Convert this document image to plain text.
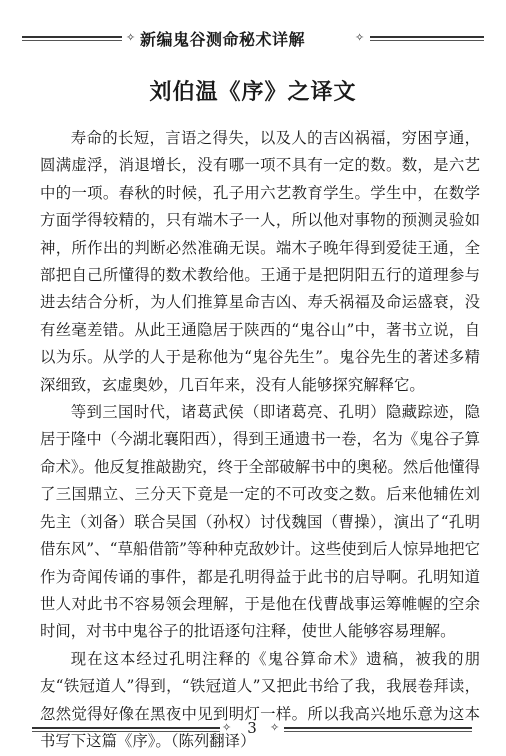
✧ 新编鬼谷测命秘术详解	✧
刘伯温《序》之译文

寿命的长短，言语之得失，以及人的吉凶祸福，穷困亨通，圆满虚浮，消退增长，没有哪一项不具有一定的数。数，是六艺中的一项。春秋的时候，孔子用六艺教育学生。学生中，在数学方面学得较精的，只有端木子一人，所以他对事物的预测灵验如神，所作出的判断必然准确无误。端木子晚年得到爱徒王通，全部把自己所懂得的数术教给他。王通于是把阴阳五行的道理参与进去结合分析，为人们推算星命吉凶、寿夭祸福及命运盛衰，没有丝毫差错。从此王通隐居于陕西的“鬼谷山”中，著书立说，自以为乐。从学的人于是称他为“鬼谷先生”。鬼谷先生的著述多精深细致，玄虚奥妙，几百年来，没有人能够探究解释它。

等到三国时代，诸葛武侯（即诸葛亮、孔明）隐藏踪迹，隐居于隆中（今湖北襄阳西），得到王通遗书一卷，名为《鬼谷子算命术》。他反复推敲勘究，终于全部破解书中的奥秘。然后他懂得了三国鼎立、三分天下竟是一定的不可改变之数。后来他辅佐刘先主（刘备）联合吴国（孙权）讨伐魏国（曹操），演出了“孔明借东风”、“草船借箭”等种种克敌妙计。这些使到后人惊异地把它作为奇闻传诵的事件，都是孔明得益于此书的启导啊。孔明知道世人对此书不容易领会理解，于是他在伐曹战事运筹帷幄的空余时间，对书中鬼谷子的批语逐句注释，使世人能够容易理解。

现在这本经过孔明注释的《鬼谷算命术》遗稿，被我的朋友“铁冠道人”得到，“铁冠道人”又把此书给了我，我展卷拜读，忽然觉得好像在黑夜中见到明灯一样。所以我高兴地乐意为这本书写下这篇《序》。（陈列翻译）

✧	3	✧
